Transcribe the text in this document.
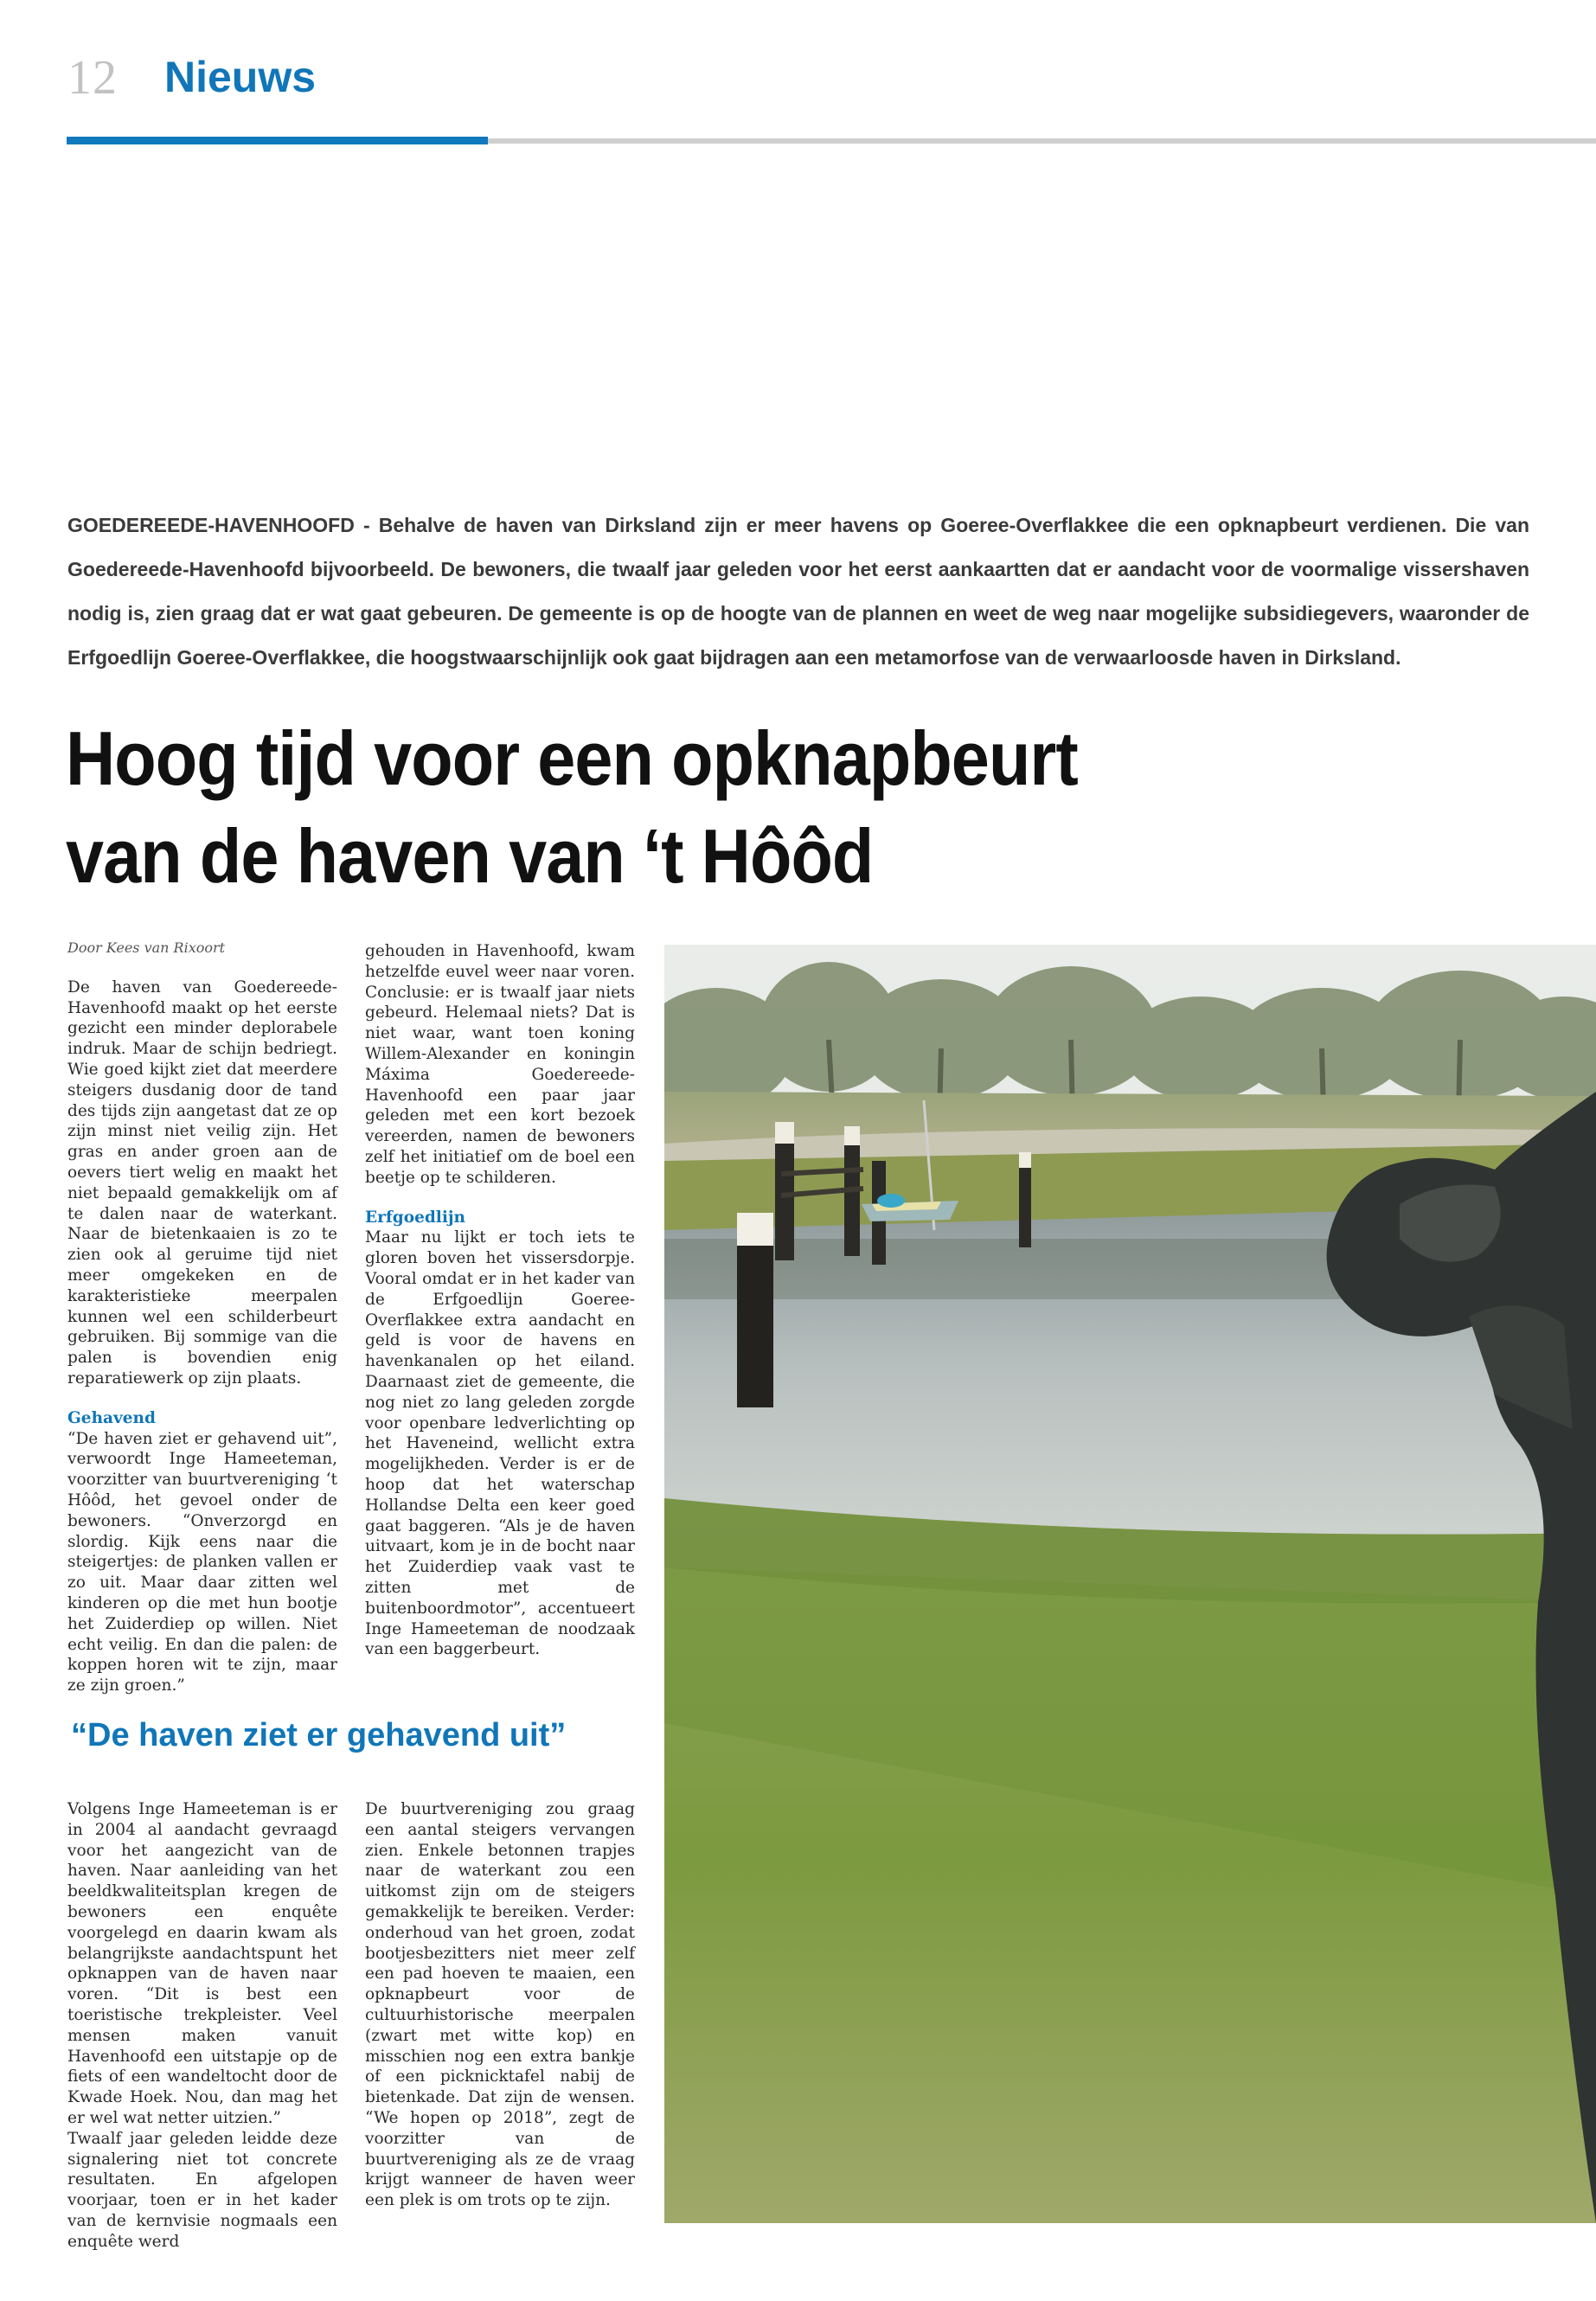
12 Nieuws
GOEDEREEDE-HAVENHOOFD - Behalve de haven van Dirksland zijn er meer havens op Goeree-Overflakkee die een opknapbeurt verdienen. Die van Goedereede-Havenhoofd bijvoorbeeld. De bewoners, die twaalf jaar geleden voor het eerst aankaartten dat er aandacht voor de voormalige vissershaven nodig is, zien graag dat er wat gaat gebeuren. De gemeente is op de hoogte van de plannen en weet de weg naar mogelijke subsidiegevers, waaronder de Erfgoedlijn Goeree-Overflakkee, die hoogstwaarschijnlijk ook gaat bijdragen aan een metamorfose van de verwaarloosde haven in Dirksland.
Hoog tijd voor een opknapbeurt
van de haven van ‘t Hôôd

Door Kees van Rixoort

De haven van Goedereede-Havenhoofd maakt op het eerste gezicht een minder deplorabele indruk. Maar de schijn bedriegt. Wie goed kijkt ziet dat meerdere steigers dusdanig door de tand des tijds zijn aangetast dat ze op zijn minst niet veilig zijn. Het gras en ander groen aan de oevers tiert welig en maakt het niet bepaald gemakkelijk om af te dalen naar de waterkant. Naar de bietenkaaien is zo te zien ook al geruime tijd niet meer omgekeken en de karakteristieke meerpalen kunnen wel een schilderbeurt gebruiken. Bij sommige van die palen is bovendien enig reparatiewerk op zijn plaats.

Gehavend

“De haven ziet er gehavend uit”, verwoordt Inge Hameeteman, voorzitter van buurtvereniging ‘t Hôôd, het gevoel onder de bewoners. “Onverzorgd en slordig. Kijk eens naar die steigertjes: de planken vallen er zo uit. Maar daar zitten wel kinderen op die met hun bootje het Zuiderdiep op willen. Niet echt veilig. En dan die palen: de koppen horen wit te zijn, maar ze zijn groen.”

gehouden in Havenhoofd, kwam hetzelfde euvel weer naar voren. Conclusie: er is twaalf jaar niets gebeurd. Helemaal niets? Dat is niet waar, want toen koning Willem-Alexander en koningin Máxima Goedereede-Havenhoofd een paar jaar geleden met een kort bezoek vereerden, namen de bewoners zelf het initiatief om de boel een beetje op te schilderen.

Erfgoedlijn

Maar nu lijkt er toch iets te gloren boven het vissersdorpje. Vooral omdat er in het kader van de Erfgoedlijn Goeree-Overflakkee extra aandacht en geld is voor de havens en havenkanalen op het eiland. Daarnaast ziet de gemeente, die nog niet zo lang geleden zorgde voor openbare ledverlichting op het Haveneind, wellicht extra mogelijkheden. Verder is er de hoop dat het waterschap Hollandse Delta een keer goed gaat baggeren. “Als je de haven uitvaart, kom je in de bocht naar het Zuiderdiep vaak vast te zitten met de buitenboordmotor”, accentueert Inge Hameeteman de noodzaak van een baggerbeurt.

“De haven ziet er gehavend uit”

Volgens Inge Hameeteman is er in 2004 al aandacht gevraagd voor het aangezicht van de haven. Naar aanleiding van het beeldkwaliteitsplan kregen de bewoners een enquête voorgelegd en daarin kwam als belangrijkste aandachtspunt het opknappen van de haven naar voren. “Dit is best een toeristische trekpleister. Veel mensen maken vanuit Havenhoofd een uitstapje op de fiets of een wandeltocht door de Kwade Hoek. Nou, dan mag het er wel wat netter uitzien.”

Twaalf jaar geleden leidde deze signalering niet tot concrete resultaten. En afgelopen voorjaar, toen er in het kader van de kernvisie nogmaals een enquête werd

De buurtvereniging zou graag een aantal steigers vervangen zien. Enkele betonnen trapjes naar de waterkant zou een uitkomst zijn om de steigers gemakkelijk te bereiken. Verder: onderhoud van het groen, zodat bootjesbezitters niet meer zelf een pad hoeven te maaien, een opknapbeurt voor de cultuurhistorische meerpalen (zwart met witte kop) en misschien nog een extra bankje of een picknicktafel nabij de bietenkade. Dat zijn de wensen. “We hopen op 2018”, zegt de voorzitter van de buurtvereniging als ze de vraag krijgt wanneer de haven weer een plek is om trots op te zijn.
